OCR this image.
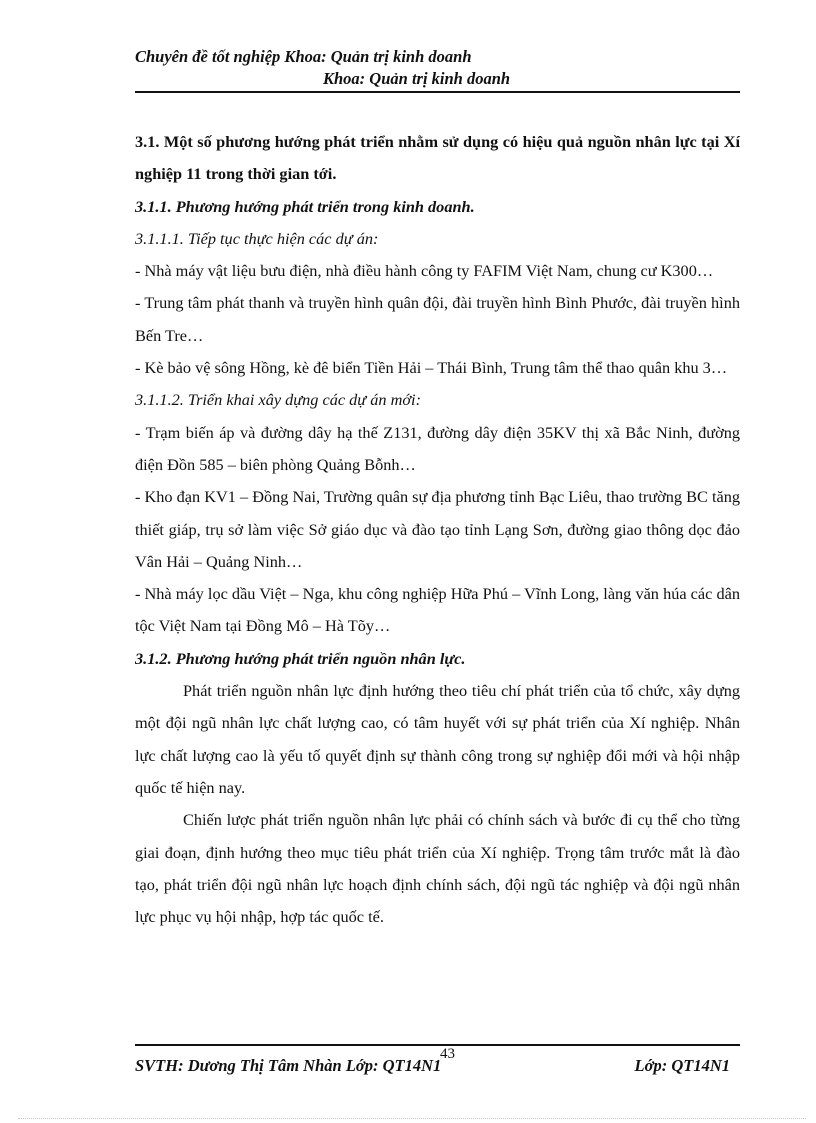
Chuyên đề tốt nghiệp Khoa: Quản trị kinh doanh
Khoa: Quản trị kinh doanh

3.1. Một số phương hướng phát triển nhằm sử dụng có hiệu quả nguồn nhân lực tại Xí nghiệp 11 trong thời gian tới.

3.1.1. Phương hướng phát triển trong kinh doanh.

3.1.1.1. Tiếp tục thực hiện các dự án:

- Nhà máy vật liệu bưu điện, nhà điều hành công ty FAFIM Việt Nam, chung cư K300…

- Trung tâm phát thanh và truyền hình quân đội, đài truyền hình Bình Phước, đài truyền hình Bến Tre…

- Kè bảo vệ sông Hồng, kè đê biển Tiền Hải – Thái Bình, Trung tâm thể thao quân khu 3…

3.1.1.2. Triển khai xây dựng các dự án mới:

- Trạm biến áp và đường dây hạ thế Z131, đường dây điện 35KV thị xã Bắc Ninh, đường điện Đồn 585 – biên phòng Quảng Bỗnh…

- Kho đạn KV1 – Đồng Nai, Trường quân sự địa phương tỉnh Bạc Liêu, thao trường BC tăng thiết giáp, trụ sở làm việc Sở giáo dục và đào tạo tỉnh Lạng Sơn, đường giao thông dọc đảo Vân Hải – Quảng Ninh…

- Nhà máy lọc dầu Việt – Nga, khu công nghiệp Hữa Phú – Vĩnh Long, làng văn húa các dân tộc Việt Nam tại Đồng Mô – Hà Tõy…

3.1.2. Phương hướng phát triển nguồn nhân lực.

Phát triển nguồn nhân lực định hướng theo tiêu chí phát triển của tổ chức, xây dựng một đội ngũ nhân lực chất lượng cao, có tâm huyết với sự phát triển của Xí nghiệp. Nhân lực chất lượng cao là yếu tố quyết định sự thành công trong sự nghiệp đổi mới và hội nhập quốc tế hiện nay.

Chiến lược phát triển nguồn nhân lực phải có chính sách và bước đi cụ thể cho từng giai đoạn, định hướng theo mục tiêu phát triển của Xí nghiệp. Trọng tâm trước mắt là đào tạo, phát triển đội ngũ nhân lực hoạch định chính sách, đội ngũ tác nghiệp và đội ngũ nhân lực phục vụ hội nhập, hợp tác quốc tế.

SVTH: Dương Thị Tâm Nhàn Lớp: QT14N1
43
Lớp: QT14N1
